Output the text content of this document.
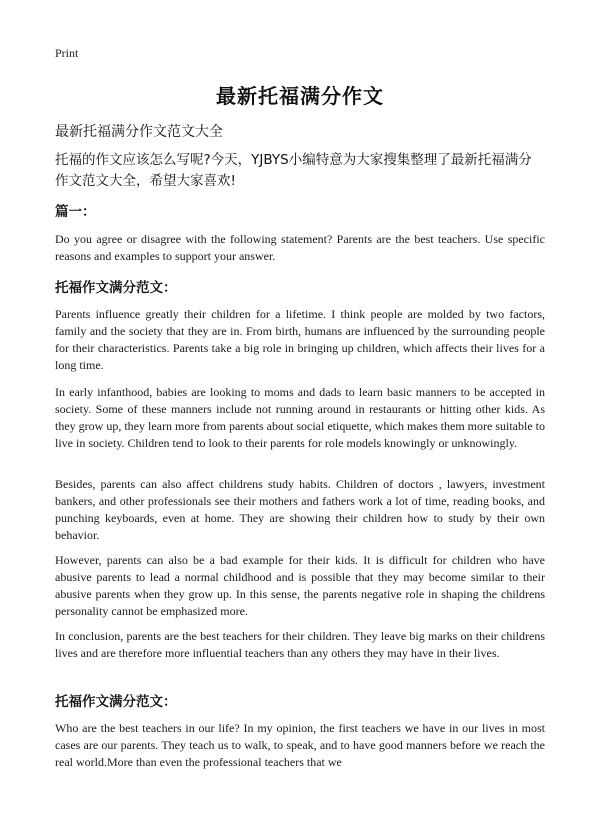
Print
最新托福满分作文
最新托福满分作文范文大全
托福的作文应该怎么写呢?今天，YJBYS小编特意为大家搜集整理了最新托福满分作文范文大全，希望大家喜欢!
篇一：
Do you agree or disagree with the following statement? Parents are the best teachers. Use specific reasons and examples to support your answer.
托福作文满分范文：
Parents influence greatly their children for a lifetime. I think people are molded by two factors, family and the society that they are in. From birth, humans are influenced by the surrounding people for their characteristics. Parents take a big role in bringing up children, which affects their lives for a long time.
In early infanthood, babies are looking to moms and dads to learn basic manners to be accepted in society. Some of these manners include not running around in restaurants or hitting other kids. As they grow up, they learn more from parents about social etiquette, which makes them more suitable to live in society. Children tend to look to their parents for role models knowingly or unknowingly.
Besides, parents can also affect childrens study habits. Children of doctors , lawyers, investment bankers, and other professionals see their mothers and fathers work a lot of time, reading books, and punching keyboards, even at home. They are showing their children how to study by their own behavior.
However, parents can also be a bad example for their kids. It is difficult for children who have abusive parents to lead a normal childhood and is possible that they may become similar to their abusive parents when they grow up. In this sense, the parents negative role in shaping the childrens personality cannot be emphasized more.
In conclusion, parents are the best teachers for their children. They leave big marks on their childrens lives and are therefore more influential teachers than any others they may have in their lives.
托福作文满分范文：
Who are the best teachers in our life? In my opinion, the first teachers we have in our lives in most cases are our parents. They teach us to walk, to speak, and to have good manners before we reach the real world.More than even the professional teachers that we
